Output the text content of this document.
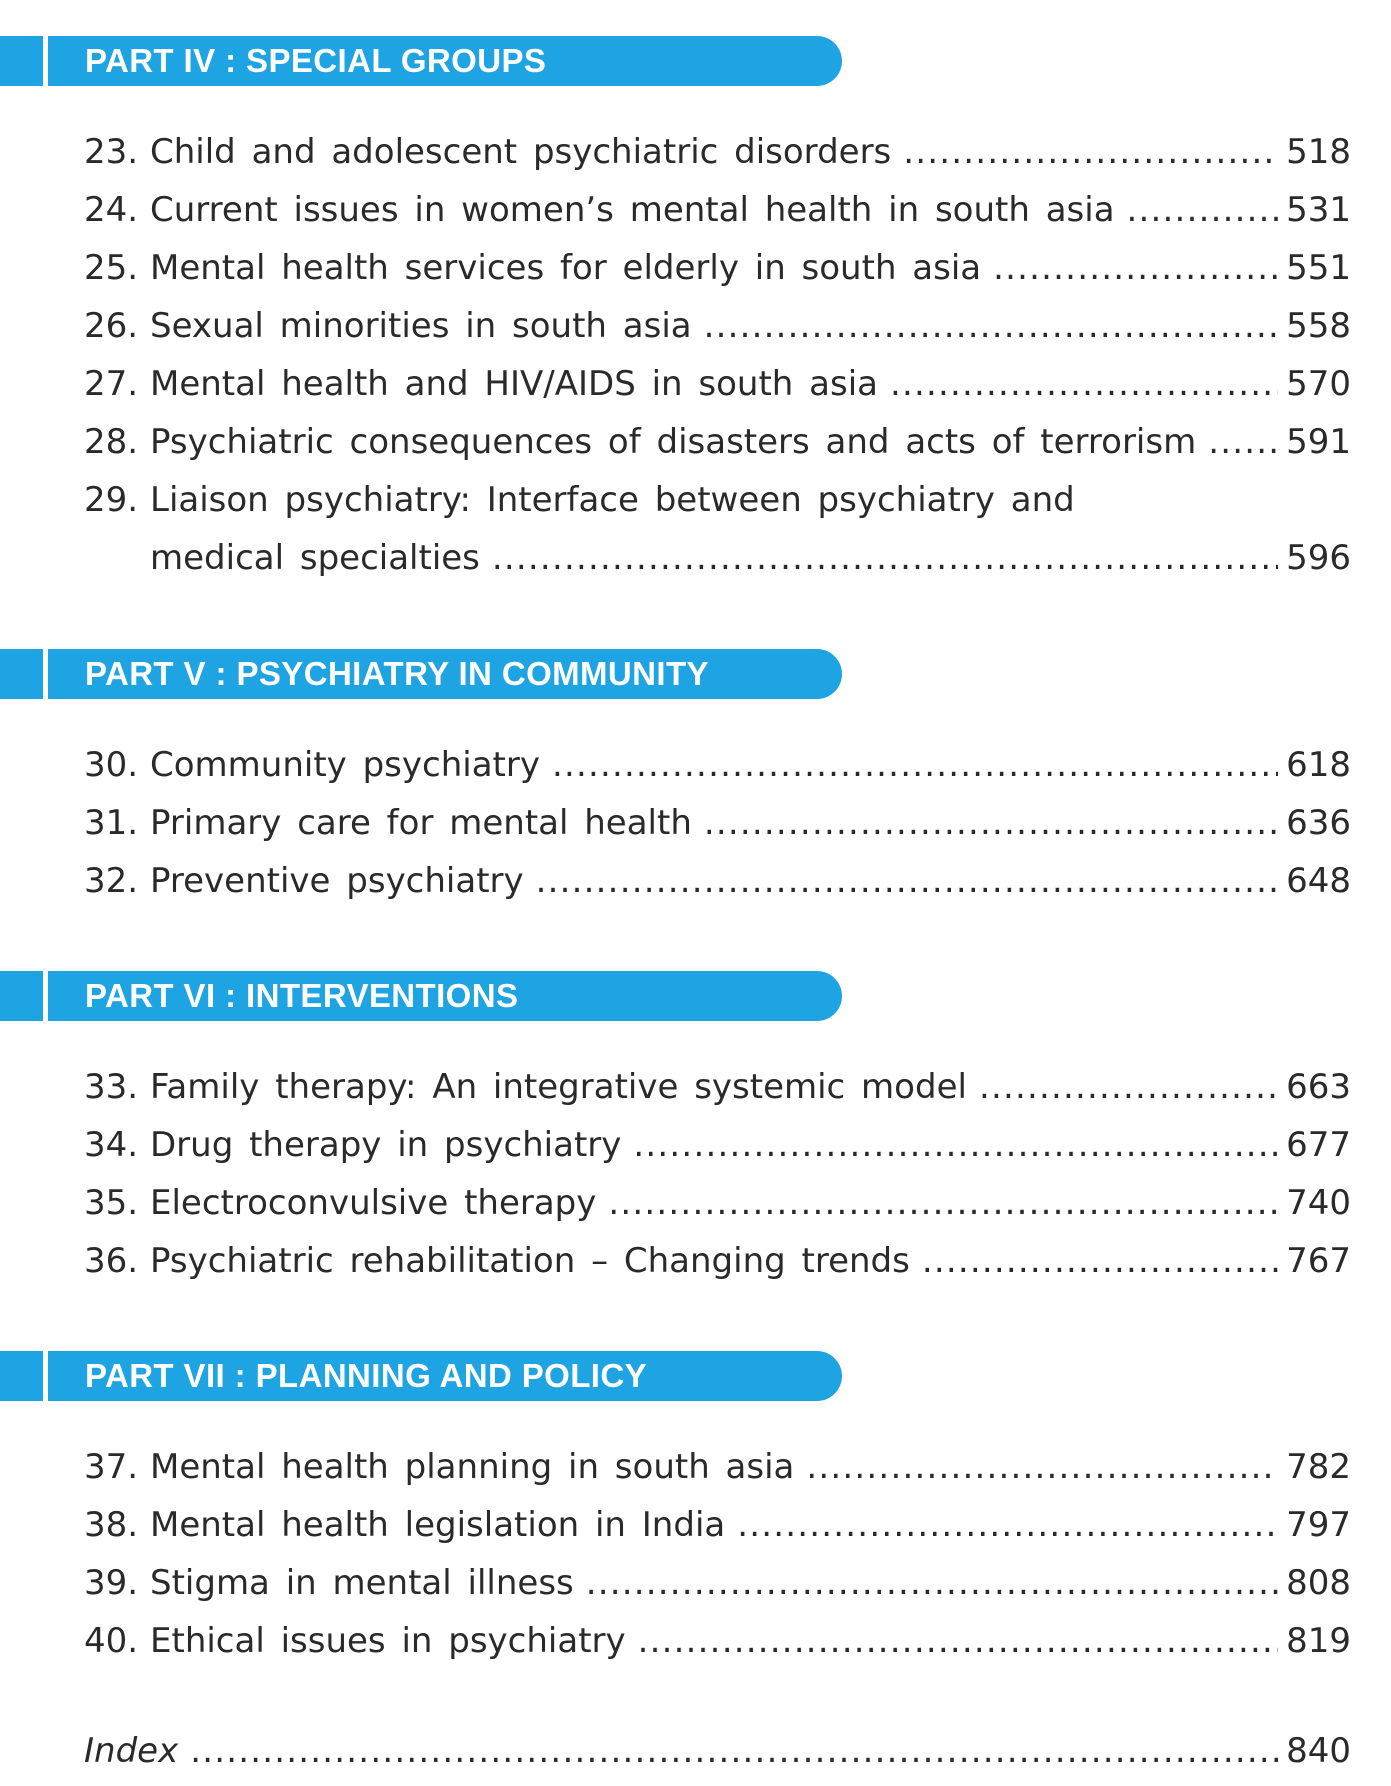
PART IV : SPECIAL GROUPS
23. Child and adolescent psychiatric disorders .....	518
24. Current issues in women’s mental health in south asia .....	531
25. Mental health services for elderly in south asia .....	551
26. Sexual minorities in south asia .....	558
27. Mental health and HIV/AIDS in south asia .....	570
28. Psychiatric consequences of disasters and acts of terrorism .....	591
29. Liaison psychiatry: Interface between psychiatry and
medical specialties .....	596
PART V : PSYCHIATRY IN COMMUNITY
30. Community psychiatry .....	618
31. Primary care for mental health .....	636
32. Preventive psychiatry .....	648
PART VI : INTERVENTIONS
33. Family therapy: An integrative systemic model .....	663
34. Drug therapy in psychiatry .....	677
35. Electroconvulsive therapy .....	740
36. Psychiatric rehabilitation – Changing trends .....	767
PART VII : PLANNING AND POLICY
37. Mental health planning in south asia .....	782
38. Mental health legislation in India .....	797
39. Stigma in mental illness .....	808
40. Ethical issues in psychiatry .....	819
Index .....	840
